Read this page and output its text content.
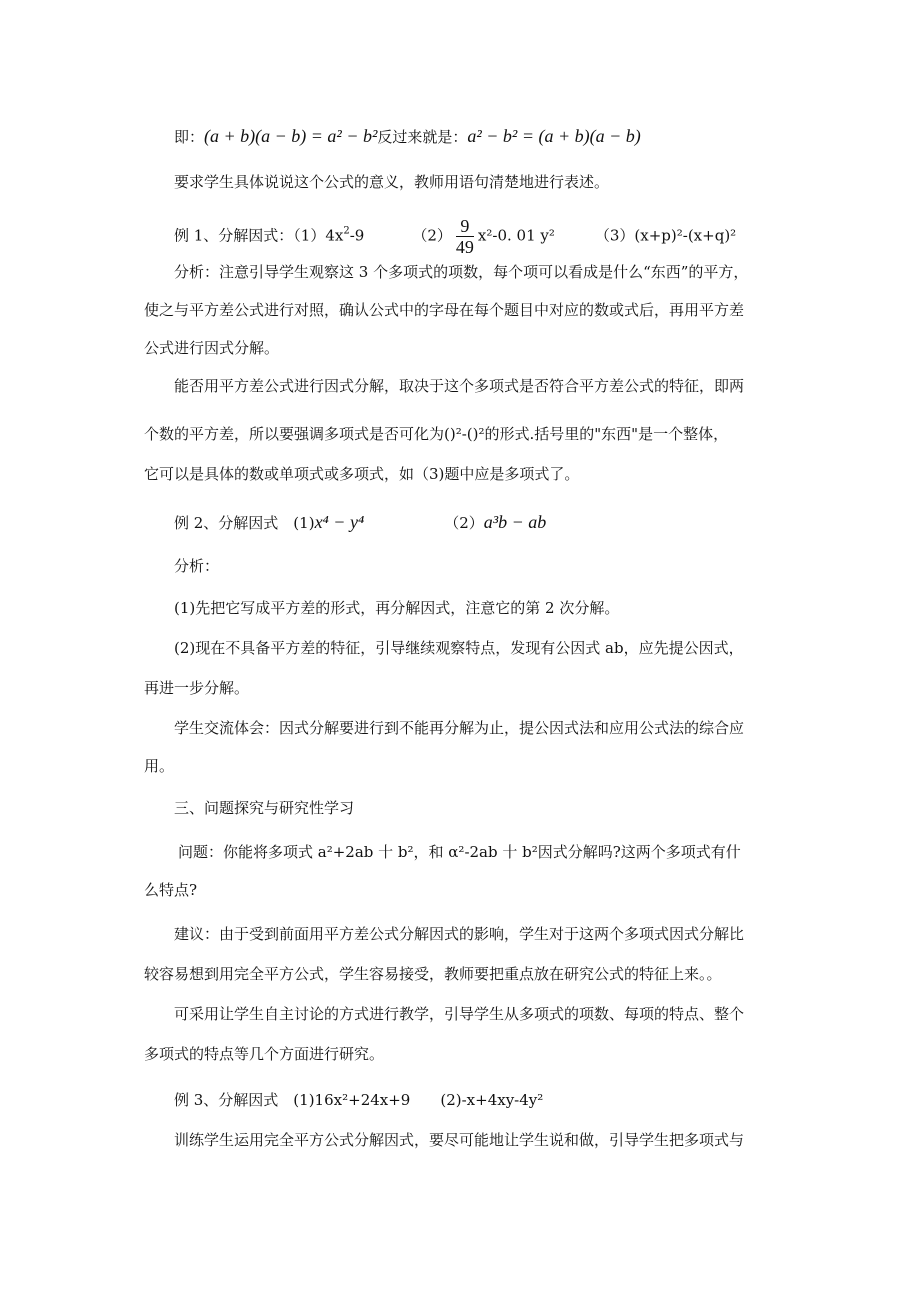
即：(a + b)(a − b) = a² − b²反过来就是：a² − b² = (a + b)(a − b)
要求学生具体说说这个公式的意义，教师用语句清楚地进行表述。
例 1、分解因式：$(1)4x^2-9$	$(2) \frac{9}{49} x^2-0$. 01 y²	（3）(x+p)²-(x+q)²
分析：注意引导学生观察这 3 个多项式的项数，每个项可以看成是什么“东西”的平方，
使之与平方差公式进行对照，确认公式中的字母在每个题目中对应的数或式后，再用平方差
公式进行因式分解。
能否用平方差公式进行因式分解，取决于这个多项式是否符合平方差公式的特征，即两
个数的平方差，所以要强调多项式是否可化为()²-()²的形式.括号里的"东西"是一个整体，
它可以是具体的数或单项式或多项式，如（3)题中应是多项式了。
例 2、分解因式　(1)x⁴ − y⁴	（2）a³b − ab
分析：
(1)先把它写成平方差的形式，再分解因式，注意它的第 2 次分解。
(2)现在不具备平方差的特征，引导继续观察特点，发现有公因式 ab，应先提公因式，
再进一步分解。
学生交流体会：因式分解要进行到不能再分解为止，提公因式法和应用公式法的综合应
用。
三、问题探究与研究性学习
问题：你能将多项式 a²+2ab 十 b²，和 α²-2ab 十 b²因式分解吗?这两个多项式有什
么特点?
建议：由于受到前面用平方差公式分解因式的影响，学生对于这两个多项式因式分解比
较容易想到用完全平方公式，学生容易接受，教师要把重点放在研究公式的特征上来。。
可采用让学生自主讨论的方式进行教学，引导学生从多项式的项数、每项的特点、整个
多项式的特点等几个方面进行研究。
例 3、分解因式　(1)16x²+24x+9　　(2)-x+4xy-4y²
训练学生运用完全平方公式分解因式，要尽可能地让学生说和做，引导学生把多项式与
